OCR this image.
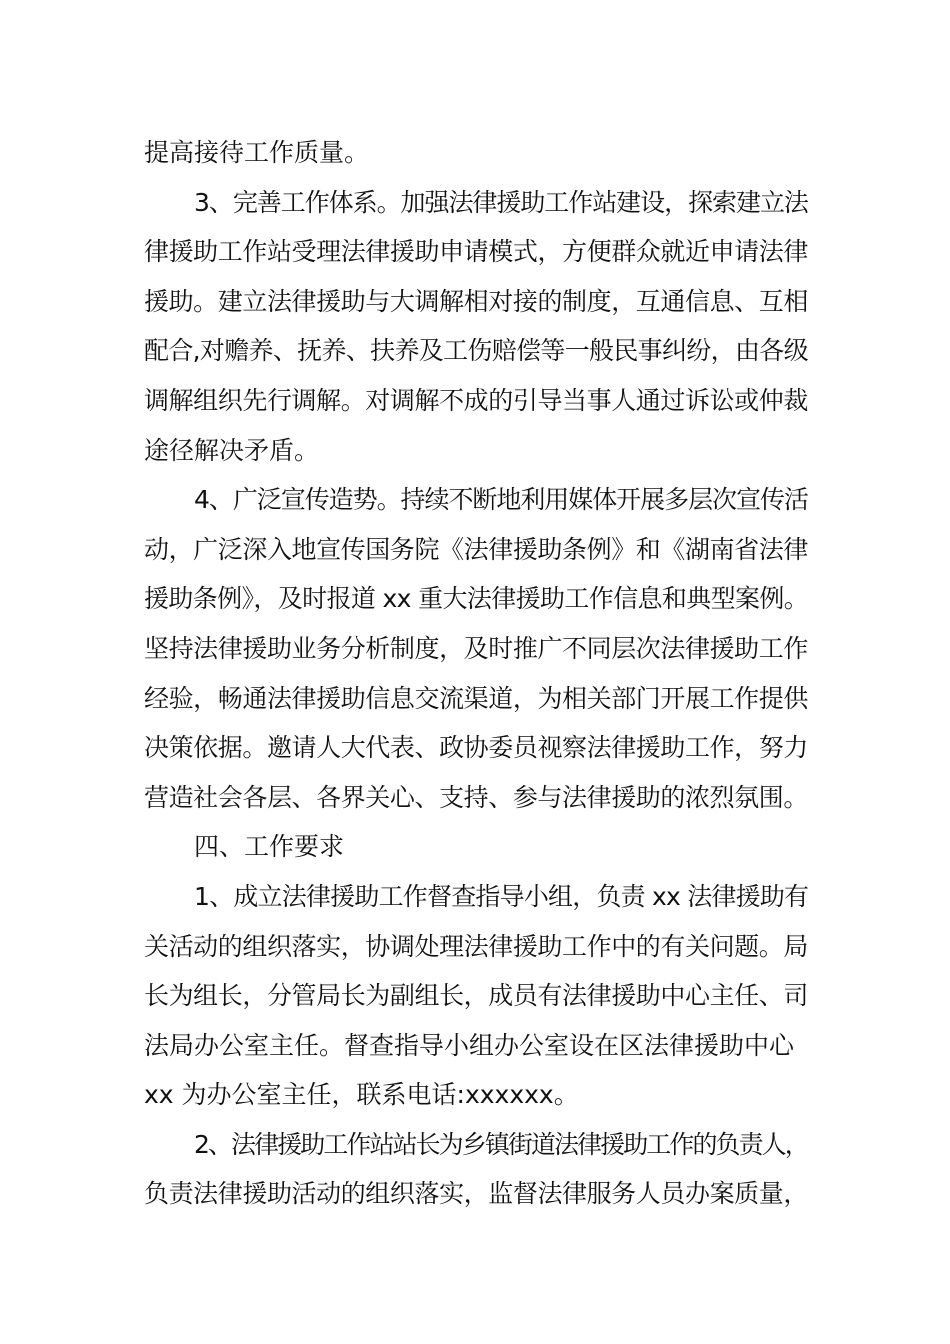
提高接待工作质量。

3、完善工作体系。加强法律援助工作站建设，探索建立法
律援助工作站受理法律援助申请模式，方便群众就近申请法律
援助。建立法律援助与大调解相对接的制度，互通信息、互相
配合,对赡养、抚养、扶养及工伤赔偿等一般民事纠纷，由各级
调解组织先行调解。对调解不成的引导当事人通过诉讼或仲裁
途径解决矛盾。

4、广泛宣传造势。持续不断地利用媒体开展多层次宣传活
动，广泛深入地宣传国务院《法律援助条例》和《湖南省法律
援助条例》，及时报道 xx 重大法律援助工作信息和典型案例。
坚持法律援助业务分析制度，及时推广不同层次法律援助工作
经验，畅通法律援助信息交流渠道，为相关部门开展工作提供
决策依据。邀请人大代表、政协委员视察法律援助工作，努力
营造社会各层、各界关心、支持、参与法律援助的浓烈氛围。

四、工作要求

1、成立法律援助工作督查指导小组，负责 xx 法律援助有
关活动的组织落实，协调处理法律援助工作中的有关问题。局
长为组长，分管局长为副组长，成员有法律援助中心主任、司
法局办公室主任。督查指导小组办公室设在区法律援助中心
xx 为办公室主任，联系电话:xxxxxx。

2、法律援助工作站站长为乡镇街道法律援助工作的负责人，
负责法律援助活动的组织落实，监督法律服务人员办案质量，
